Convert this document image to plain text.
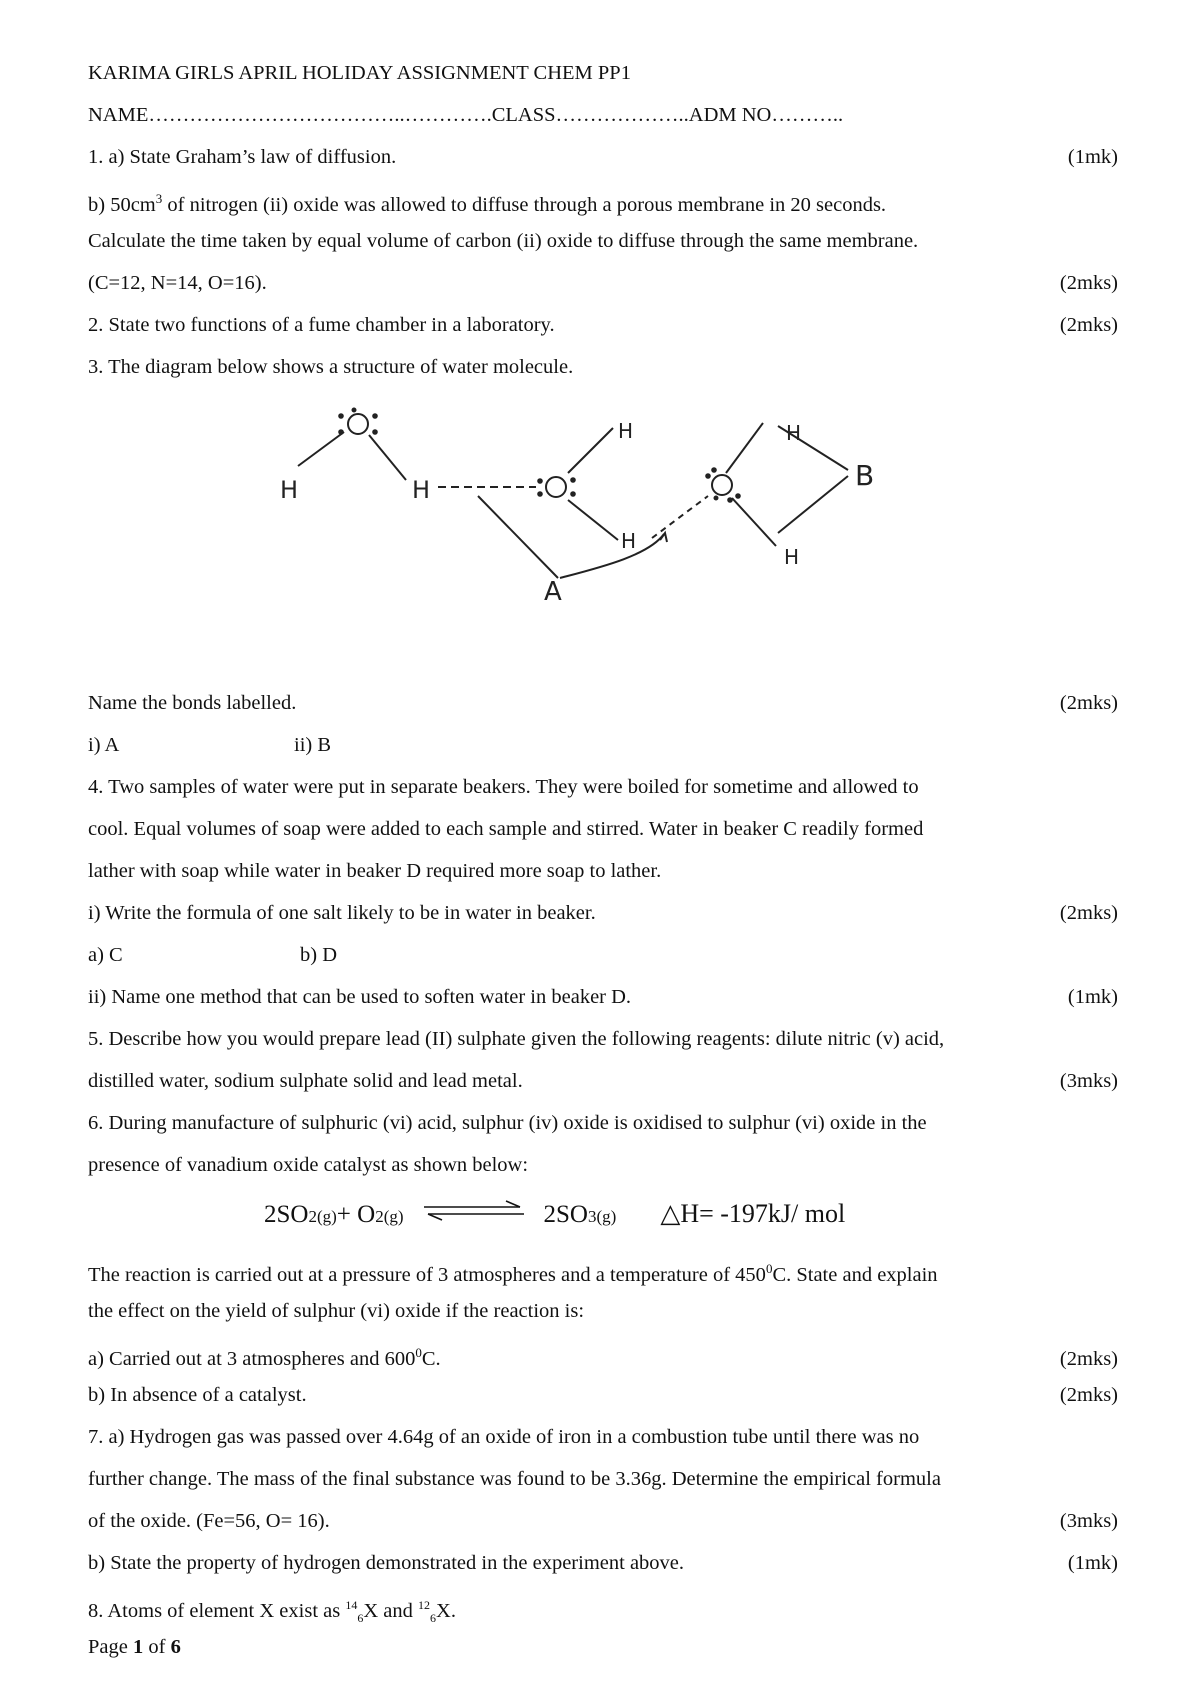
KARIMA GIRLS APRIL HOLIDAY ASSIGNMENT CHEM PP1
NAME………………………………..………….CLASS………………..ADM NO………..
1. a) State Graham’s law of diffusion.	(1mk)
b) $50cm^3$ of nitrogen (ii) oxide was allowed to diffuse through a porous membrane in 20 seconds.
Calculate the time taken by equal volume of carbon (ii) oxide to diffuse through the same membrane.
(C=12, N=14, O=16).	(2mks)
2. State two functions of a fume chamber in a laboratory.	(2mks)
3. The diagram below shows a structure of water molecule.
H	H
H
H
H
H
B
A
Name the bonds labelled.	(2mks)
i) A	ii) B
4. Two samples of water were put in separate beakers. They were boiled for sometime and allowed to
cool. Equal volumes of soap were added to each sample and stirred. Water in beaker C readily formed
lather with soap while water in beaker D required more soap to lather.
i) Write the formula of one salt likely to be in water in beaker.	(2mks)
a) C	b) D
ii) Name one method that can be used to soften water in beaker D.	(1mk)
5. Describe how you would prepare lead (II) sulphate given the following reagents: dilute nitric (v) acid,
distilled water, sodium sulphate solid and lead metal.	(3mks)
6. During manufacture of sulphuric (vi) acid, sulphur (iv) oxide is oxidised to sulphur (vi) oxide in the
presence of vanadium oxide catalyst as shown below:
2SO 2(g) + O 2(g)	2SO 3(g) △H= -197kJ/ mol
The reaction is carried out at a pressure of 3 atmospheres and a temperature of $450^0C$. State and explain
the effect on the yield of sulphur (vi) oxide if the reaction is:
a) Carried out at 3 atmospheres and $600^0C$.	(2mks)
b) In absence of a catalyst.	(2mks)
7. a) Hydrogen gas was passed over 4.64g of an oxide of iron in a combustion tube until there was no
further change. The mass of the final substance was found to be 3.36g. Determine the empirical formula
of the oxide. (Fe=56, O= 16).	(3mks)
b) State the property of hydrogen demonstrated in the experiment above.	(1mk)
8. Atoms of element X exist as $^{14}_6$X and $^{12}_6$X.
Page 1 of 6
